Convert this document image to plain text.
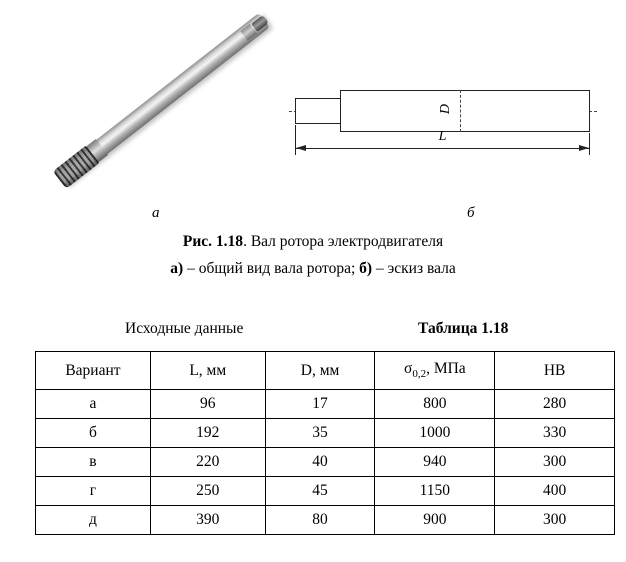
D
L
а	б
Рис. 1.18. Вал ротора электродвигателя
а) – общий вид вала ротора; б) – эскиз вала
Исходные данные	Таблица 1.18
Вариант	L, мм	D, мм	$\sigma_{0,2}$, МПа	НВ
а	96	17	800	280
б	192	35	1000	330
в	220	40	940	300
г	250	45	1150	400
д	390	80	900	300
